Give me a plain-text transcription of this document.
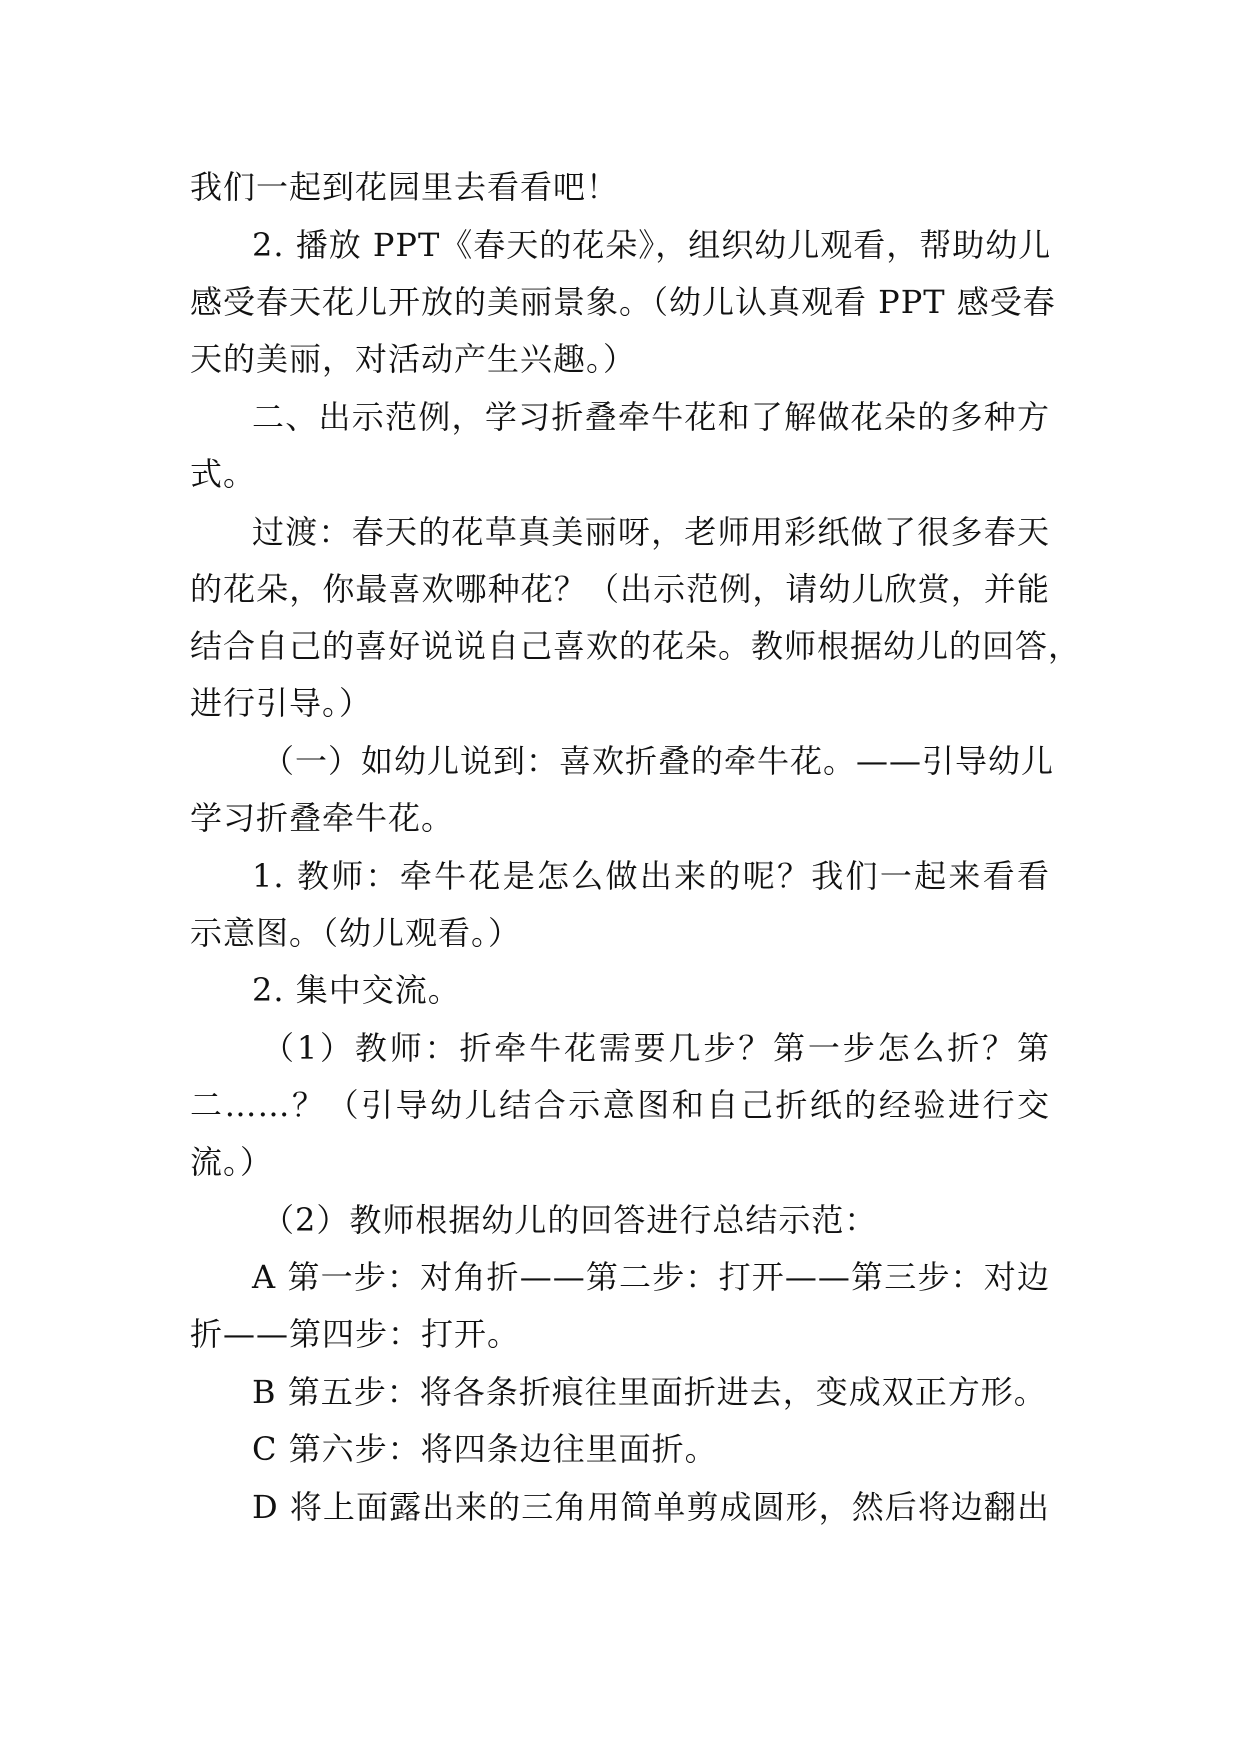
我们一起到花园里去看看吧！
2. 播放 PPT《春天的花朵》，组织幼儿观看，帮助幼儿
感受春天花儿开放的美丽景象。（幼儿认真观看 PPT 感受春
天的美丽，对活动产生兴趣。）
二、出示范例，学习折叠牵牛花和了解做花朵的多种方
式。
过渡：春天的花草真美丽呀，老师用彩纸做了很多春天
的花朵，你最喜欢哪种花？（出示范例，请幼儿欣赏，并能
结合自己的喜好说说自己喜欢的花朵。教师根据幼儿的回答，
进行引导。）
（一）如幼儿说到：喜欢折叠的牵牛花。——引导幼儿
学习折叠牵牛花。
1. 教师：牵牛花是怎么做出来的呢？我们一起来看看
示意图。（幼儿观看。）
2. 集中交流。
（1）教师：折牵牛花需要几步？第一步怎么折？第
二……？（引导幼儿结合示意图和自己折纸的经验进行交
流。）
（2）教师根据幼儿的回答进行总结示范：
A 第一步：对角折——第二步：打开——第三步：对边
折——第四步：打开。
B 第五步：将各条折痕往里面折进去，变成双正方形。
C 第六步：将四条边往里面折。
D 将上面露出来的三角用简单剪成圆形，然后将边翻出
